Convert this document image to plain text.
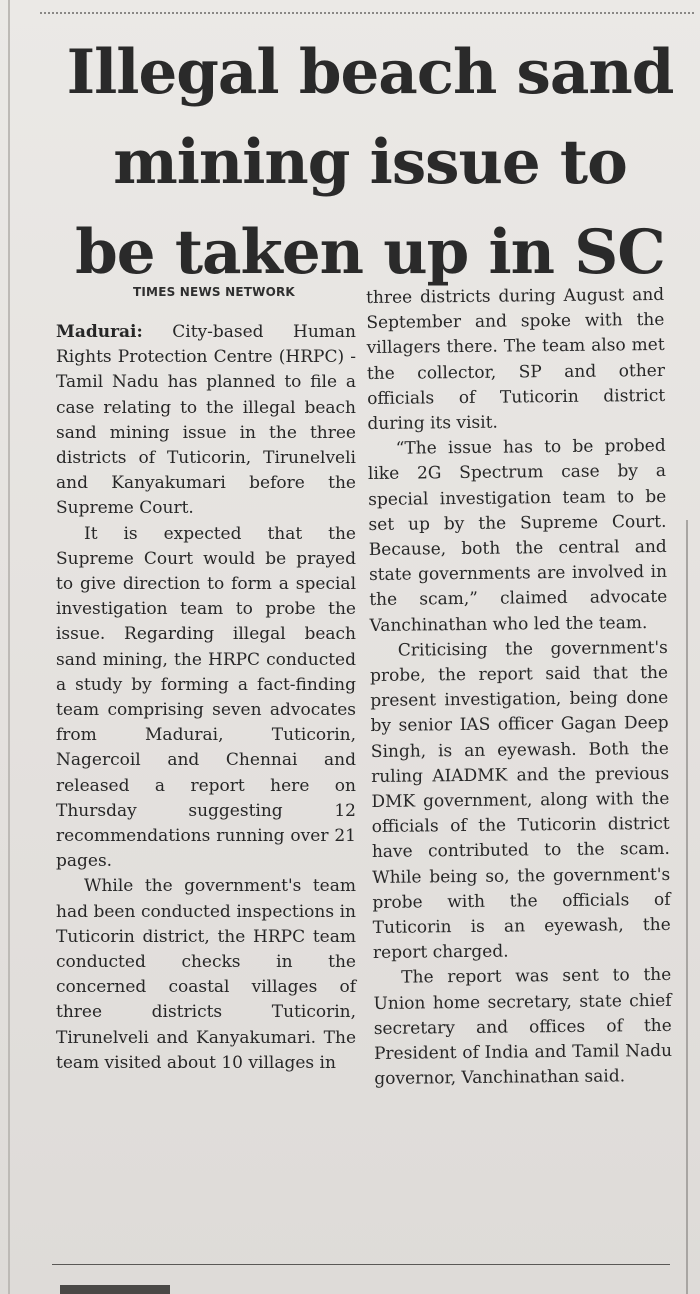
Illegal beach sand
mining issue to
be taken up in SC
TIMES NEWS NETWORK

Madurai: City-based Human Rights Protection Centre (HRPC) - Tamil Nadu has planned to file a case relating to the illegal beach sand mining issue in the three districts of Tuticorin, Tirunelveli and Kanyakumari before the Supreme Court.

It is expected that the Supreme Court would be prayed to give direction to form a special investigation team to probe the issue. Regarding illegal beach sand mining, the HRPC conducted a study by forming a fact-finding team comprising seven advocates from Madurai, Tuticorin, Nagercoil and Chennai and released a report here on Thursday suggesting 12 recommendations running over 21 pages.

While the government's team had been conducted inspections in Tuticorin district, the HRPC team conducted checks in the concerned coastal villages of three districts Tuticorin, Tirunelveli and Kanyakumari. The team visited about 10 villages in

three districts during August and September and spoke with the villagers there. The team also met the collector, SP and other officials of Tuticorin district during its visit.

“The issue has to be probed like 2G Spectrum case by a special investigation team to be set up by the Supreme Court. Because, both the central and state governments are involved in the scam,” claimed advocate Vanchinathan who led the team.

Criticising the government's probe, the report said that the present investigation, being done by senior IAS officer Gagan Deep Singh, is an eyewash. Both the ruling AIADMK and the previous DMK government, along with the officials of the Tuticorin district have contributed to the scam. While being so, the government's probe with the officials of Tuticorin is an eyewash, the report charged.

The report was sent to the Union home secretary, state chief secretary and offices of the President of India and Tamil Nadu governor, Vanchinathan said.
